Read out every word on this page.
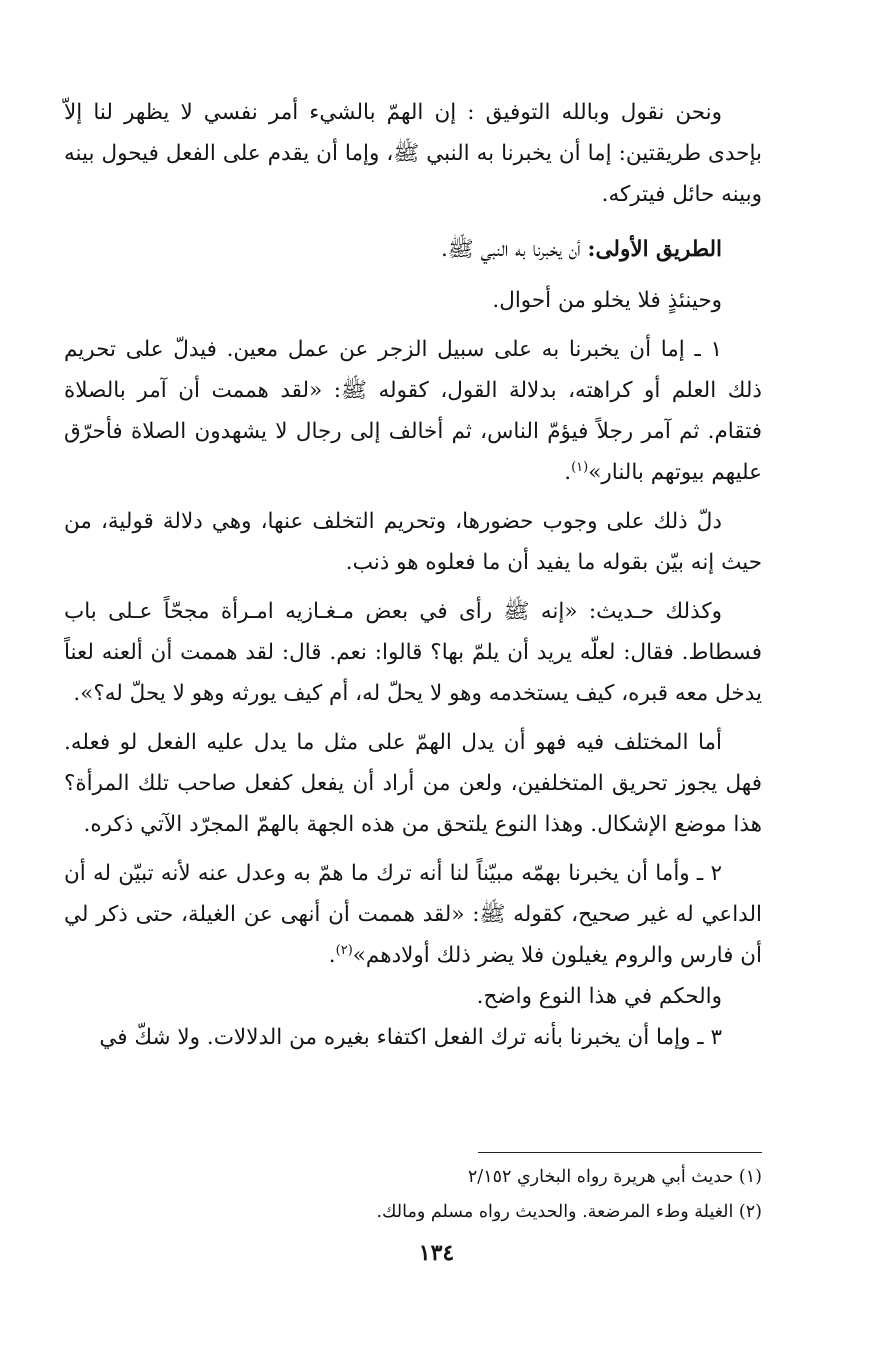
ونحن نقول وبالله التوفيق : إن الهمّ بالشيء أمر نفسي لا يظهر لنا إلاّ بإحدى طريقتين: إما أن يخبرنا به النبي ﷺ، وإما أن يقدم على الفعل فيحول بينه وبينه حائل فيتركه.

الطريق الأولى: أن يخبرنا به النبي ﷺ.

وحينئذٍ فلا يخلو من أحوال.

١ ـ إما أن يخبرنا به على سبيل الزجر عن عمل معين. فيدلّ على تحريم ذلك العلم أو كراهته، بدلالة القول، كقوله ﷺ: «لقد هممت أن آمر بالصلاة فتقام. ثم آمر رجلاً فيؤمّ الناس، ثم أخالف إلى رجال لا يشهدون الصلاة فأحرّق عليهم بيوتهم بالنار»$^{(١)}$.

دلّ ذلك على وجوب حضورها، وتحريم التخلف عنها، وهي دلالة قولية، من حيث إنه بيّن بقوله ما يفيد أن ما فعلوه هو ذنب.

وكذلك حـديث: «إنه ﷺ رأى في بعض مـغـازيه امـرأة مجحّاً عـلى باب فسطاط. فقال: لعلّه يريد أن يلمّ بها؟ قالوا: نعم. قال: لقد هممت أن ألعنه لعناً يدخل معه قبره، كيف يستخدمه وهو لا يحلّ له، أم كيف يورثه وهو لا يحلّ له؟».

أما المختلف فيه فهو أن يدل الهمّ على مثل ما يدل عليه الفعل لو فعله. فهل يجوز تحريق المتخلفين، ولعن من أراد أن يفعل كفعل صاحب تلك المرأة؟ هذا موضع الإشكال. وهذا النوع يلتحق من هذه الجهة بالهمّ المجرّد الآتي ذكره.

٢ ـ وأما أن يخبرنا بهمّه مبيّناً لنا أنه ترك ما همّ به وعدل عنه لأنه تبيّن له أن الداعي له غير صحيح، كقوله ﷺ: «لقد هممت أن أنهى عن الغيلة، حتى ذكر لي أن فارس والروم يغيلون فلا يضر ذلك أولادهم»$^{(٢)}$.

والحكم في هذا النوع واضح.

٣ ـ وإما أن يخبرنا بأنه ترك الفعل اكتفاء بغيره من الدلالات. ولا شكّ في

(١) حديث أبي هريرة رواه البخاري ٢/١٥٢

(٢) الغيلة وطء المرضعة. والحديث رواه مسلم ومالك.

١٣٤
